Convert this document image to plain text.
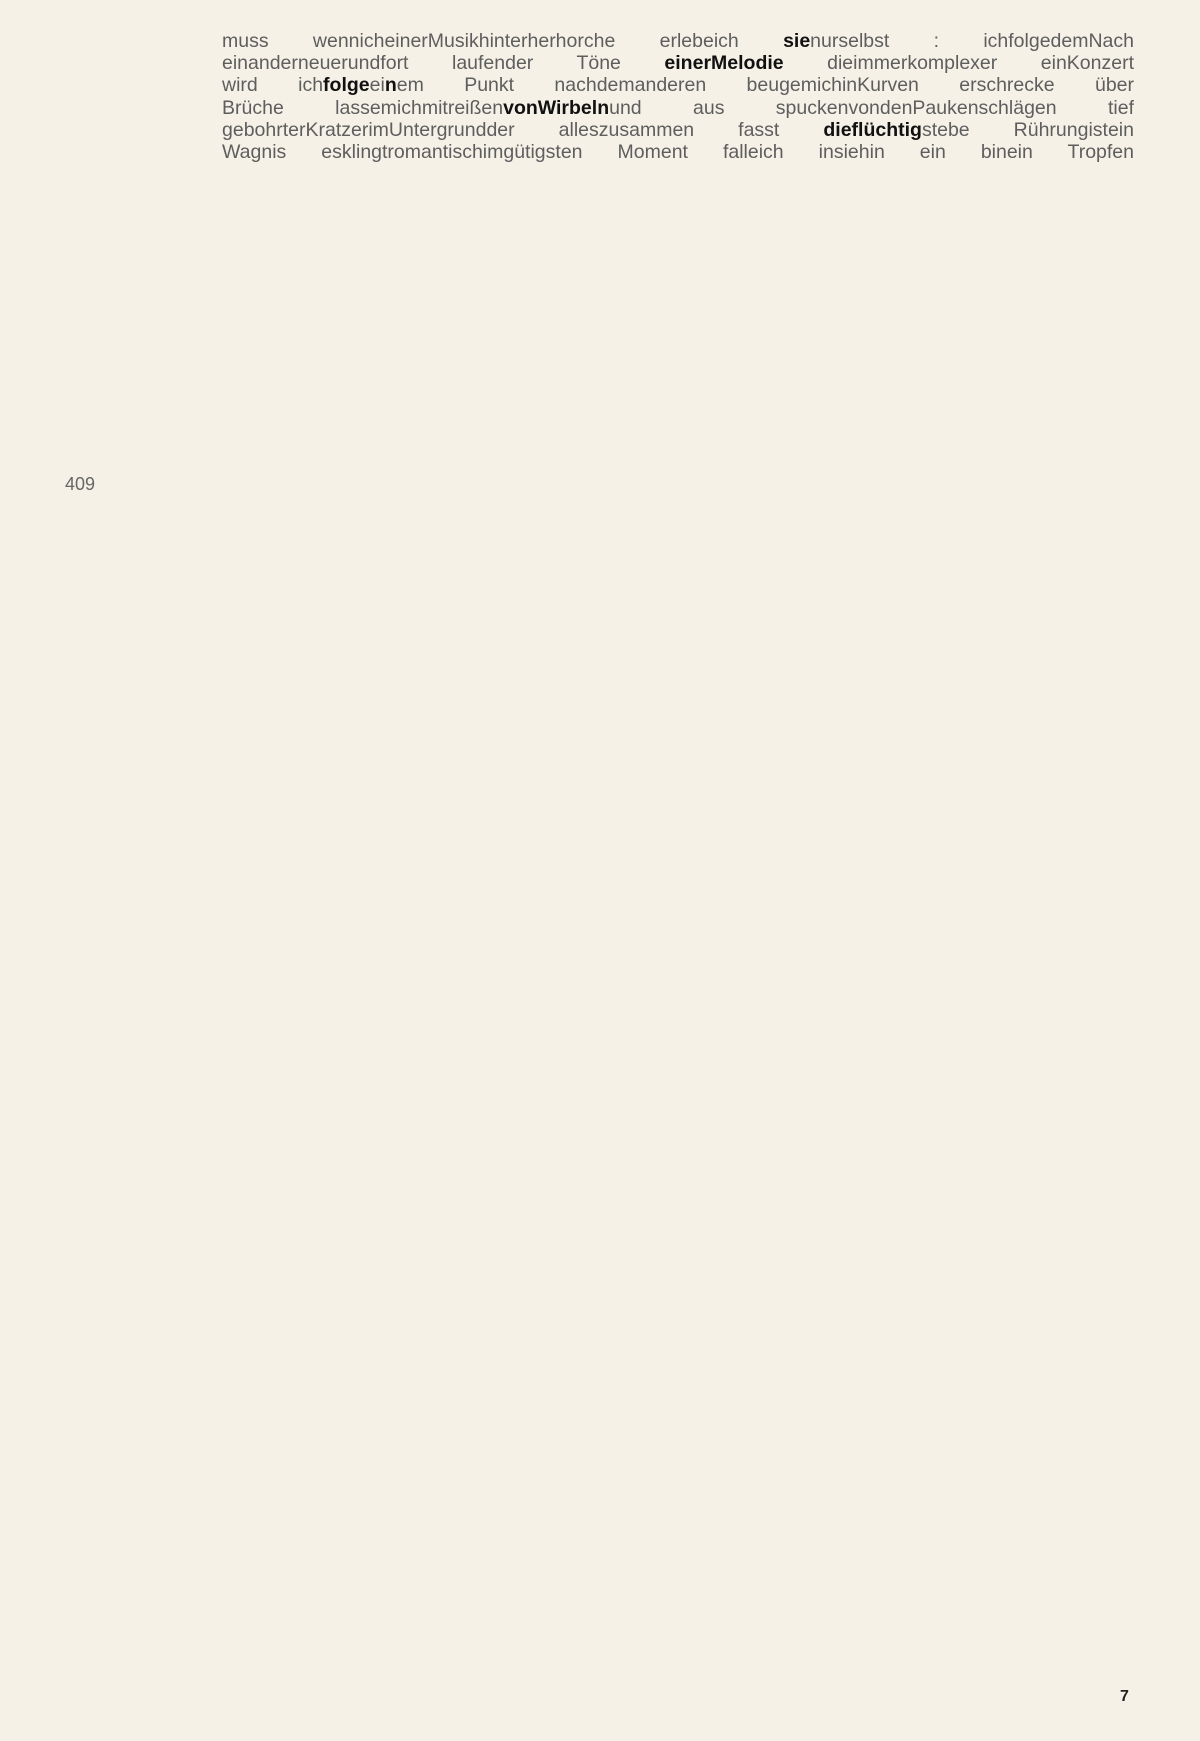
409
muss wennicheinerMusikhinterherhorche erlebeich sienurselbst : ichfolgedemNach
einanderneuerundfort laufender Töne einerMelodie dieimmerkomplexer einKonzert
wird ichfolgeeinem Punkt nachdemanderen beugemichinKurven erschrecke über
Brüche lassemichmitreißenvonWirbelnund aus spuckenvondenPaukenschlägen tief
gebohrterKratzerimUntergrundder alleszusammen fasst dieflüchtigstebe Rührungistein
Wagnis esklingtromantischimgütigsten Moment falleich insiehin ein binein Tropfen
7
